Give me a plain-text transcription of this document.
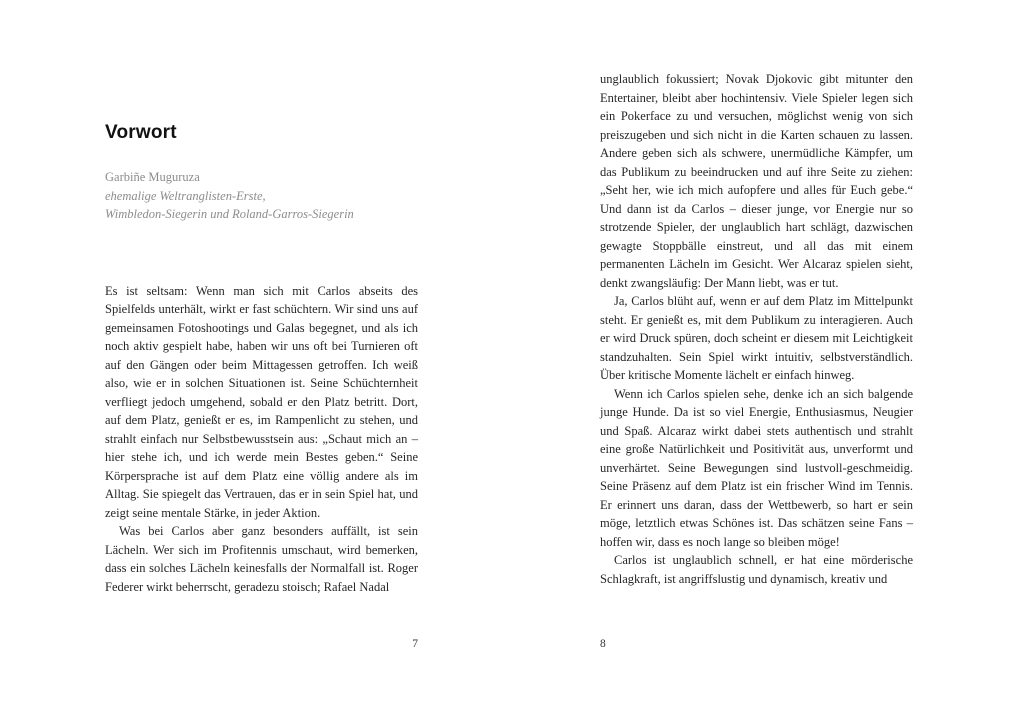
Vorwort
Garbiñe Muguruza
ehemalige Weltranglisten-Erste,
Wimbledon-Siegerin und Roland-Garros-Siegerin

Es ist seltsam: Wenn man sich mit Carlos abseits des Spielfelds unterhält, wirkt er fast schüchtern. Wir sind uns auf gemeinsamen Fotoshootings und Galas begegnet, und als ich noch aktiv gespielt habe, haben wir uns oft bei Turnieren oft auf den Gängen oder beim Mittagessen getroffen. Ich weiß also, wie er in solchen Situationen ist. Seine Schüchternheit verfliegt jedoch umgehend, sobald er den Platz betritt. Dort, auf dem Platz, genießt er es, im Rampenlicht zu stehen, und strahlt einfach nur Selbstbewusstsein aus: „Schaut mich an – hier stehe ich, und ich werde mein Bestes geben.“ Seine Körpersprache ist auf dem Platz eine völlig andere als im Alltag. Sie spiegelt das Vertrauen, das er in sein Spiel hat, und zeigt seine mentale Stärke, in jeder Aktion.

Was bei Carlos aber ganz besonders auffällt, ist sein Lächeln. Wer sich im Profitennis umschaut, wird bemerken, dass ein solches Lächeln keinesfalls der Normalfall ist. Roger Federer wirkt beherrscht, geradezu stoisch; Rafael Nadal

unglaublich fokussiert; Novak Djokovic gibt mitunter den Entertainer, bleibt aber hochintensiv. Viele Spieler legen sich ein Pokerface zu und versuchen, möglichst wenig von sich preiszugeben und sich nicht in die Karten schauen zu lassen. Andere geben sich als schwere, unermüdliche Kämpfer, um das Publikum zu beeindrucken und auf ihre Seite zu ziehen: „Seht her, wie ich mich aufopfere und alles für Euch gebe.“ Und dann ist da Carlos – dieser junge, vor Energie nur so strotzende Spieler, der unglaublich hart schlägt, dazwischen gewagte Stoppbälle einstreut, und all das mit einem permanenten Lächeln im Gesicht. Wer Alcaraz spielen sieht, denkt zwangsläufig: Der Mann liebt, was er tut.

Ja, Carlos blüht auf, wenn er auf dem Platz im Mittelpunkt steht. Er genießt es, mit dem Publikum zu interagieren. Auch er wird Druck spüren, doch scheint er diesem mit Leichtigkeit standzuhalten. Sein Spiel wirkt intuitiv, selbstverständlich. Über kritische Momente lächelt er einfach hinweg.

Wenn ich Carlos spielen sehe, denke ich an sich balgende junge Hunde. Da ist so viel Energie, Enthusiasmus, Neugier und Spaß. Alcaraz wirkt dabei stets authentisch und strahlt eine große Natürlichkeit und Positivität aus, unverformt und unverhärtet. Seine Bewegungen sind lustvoll-geschmeidig. Seine Präsenz auf dem Platz ist ein frischer Wind im Tennis. Er erinnert uns daran, dass der Wettbewerb, so hart er sein möge, letztlich etwas Schönes ist. Das schätzen seine Fans – hoffen wir, dass es noch lange so bleiben möge!

Carlos ist unglaublich schnell, er hat eine mörderische Schlagkraft, ist angriffslustig und dynamisch, kreativ und

7	8
